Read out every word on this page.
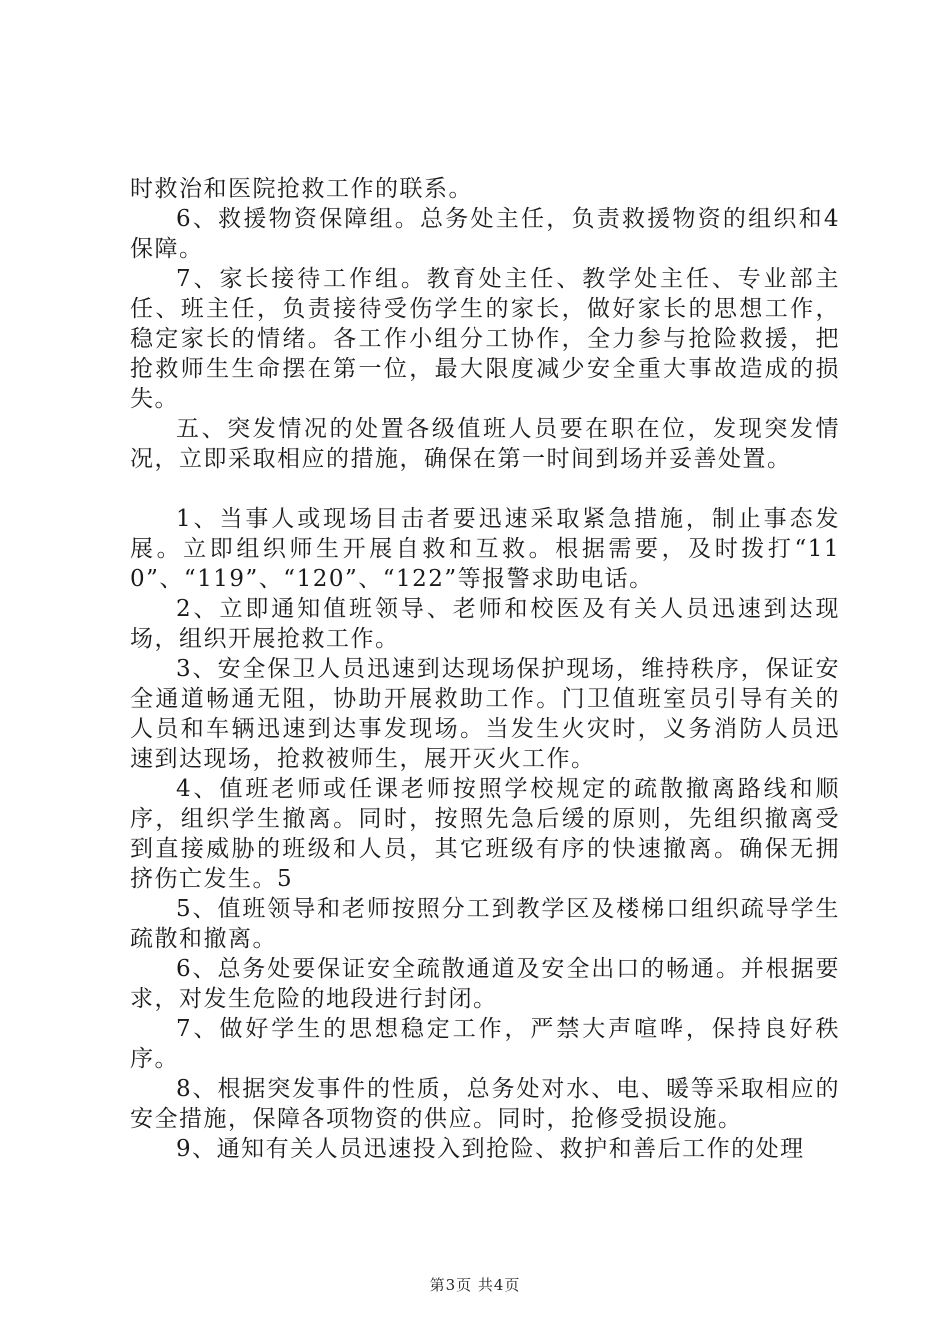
时救治和医院抢救工作的联系。

6、救援物资保障组。总务处主任，负责救援物资的组织和4保障。

7、家长接待工作组。教育处主任、教学处主任、专业部主任、班主任，负责接待受伤学生的家长，做好家长的思想工作，稳定家长的情绪。各工作小组分工协作，全力参与抢险救援，把抢救师生生命摆在第一位，最大限度减少安全重大事故造成的损失。

五、突发情况的处置各级值班人员要在职在位，发现突发情况，立即采取相应的措施，确保在第一时间到场并妥善处置。

1、当事人或现场目击者要迅速采取紧急措施，制止事态发展。立即组织师生开展自救和互救。根据需要，及时拨打“110”、“119”、“120”、“122”等报警求助电话。

2、立即通知值班领导、老师和校医及有关人员迅速到达现场，组织开展抢救工作。

3、安全保卫人员迅速到达现场保护现场，维持秩序，保证安全通道畅通无阻，协助开展救助工作。门卫值班室员引导有关的人员和车辆迅速到达事发现场。当发生火灾时，义务消防人员迅速到达现场，抢救被师生，展开灭火工作。

4、值班老师或任课老师按照学校规定的疏散撤离路线和顺序，组织学生撤离。同时，按照先急后缓的原则，先组织撤离受到直接威胁的班级和人员，其它班级有序的快速撤离。确保无拥挤伤亡发生。5

5、值班领导和老师按照分工到教学区及楼梯口组织疏导学生疏散和撤离。

6、总务处要保证安全疏散通道及安全出口的畅通。并根据要求，对发生危险的地段进行封闭。

7、做好学生的思想稳定工作，严禁大声喧哗，保持良好秩序。

8、根据突发事件的性质，总务处对水、电、暖等采取相应的安全措施，保障各项物资的供应。同时，抢修受损设施。

9、通知有关人员迅速投入到抢险、救护和善后工作的处理

第3页 共4页
